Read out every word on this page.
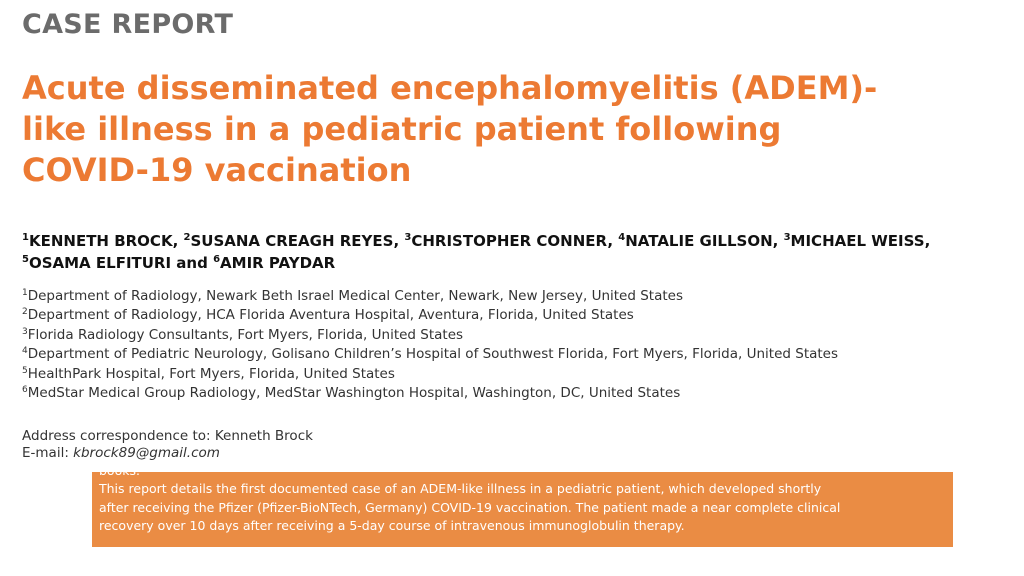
CASE REPORT
Acute disseminated encephalomyelitis (ADEM)-
like illness in a pediatric patient following
COVID-19 vaccination

$^1$KENNETH BROCK, $^2$SUSANA CREAGH REYES, $^3$CHRISTOPHER CONNER, $^4$NATALIE GILLSON, $^3$MICHAEL WEISS,
$^5$OSAMA ELFITURI and $^6$AMIR PAYDAR

$^1$Department of Radiology, Newark Beth Israel Medical Center, Newark, New Jersey, United States
$^2$Department of Radiology, HCA Florida Aventura Hospital, Aventura, Florida, United States
$^3$Florida Radiology Consultants, Fort Myers, Florida, United States
$^4$Department of Pediatric Neurology, Golisano Children’s Hospital of Southwest Florida, Fort Myers, Florida, United States
$^5$HealthPark Hospital, Fort Myers, Florida, United States
$^6$MedStar Medical Group Radiology, MedStar Washington Hospital, Washington, DC, United States
Address correspondence to: Kenneth Brock
E-mail: kbrock89@gmail.com
books.

This report details the first documented case of an ADEM-like illness in a pediatric patient, which developed shortly
after receiving the Pfizer (Pfizer-BioNTech, Germany) COVID-19 vaccination. The patient made a near complete clinical
recovery over 10 days after receiving a 5-day course of intravenous immunoglobulin therapy.
